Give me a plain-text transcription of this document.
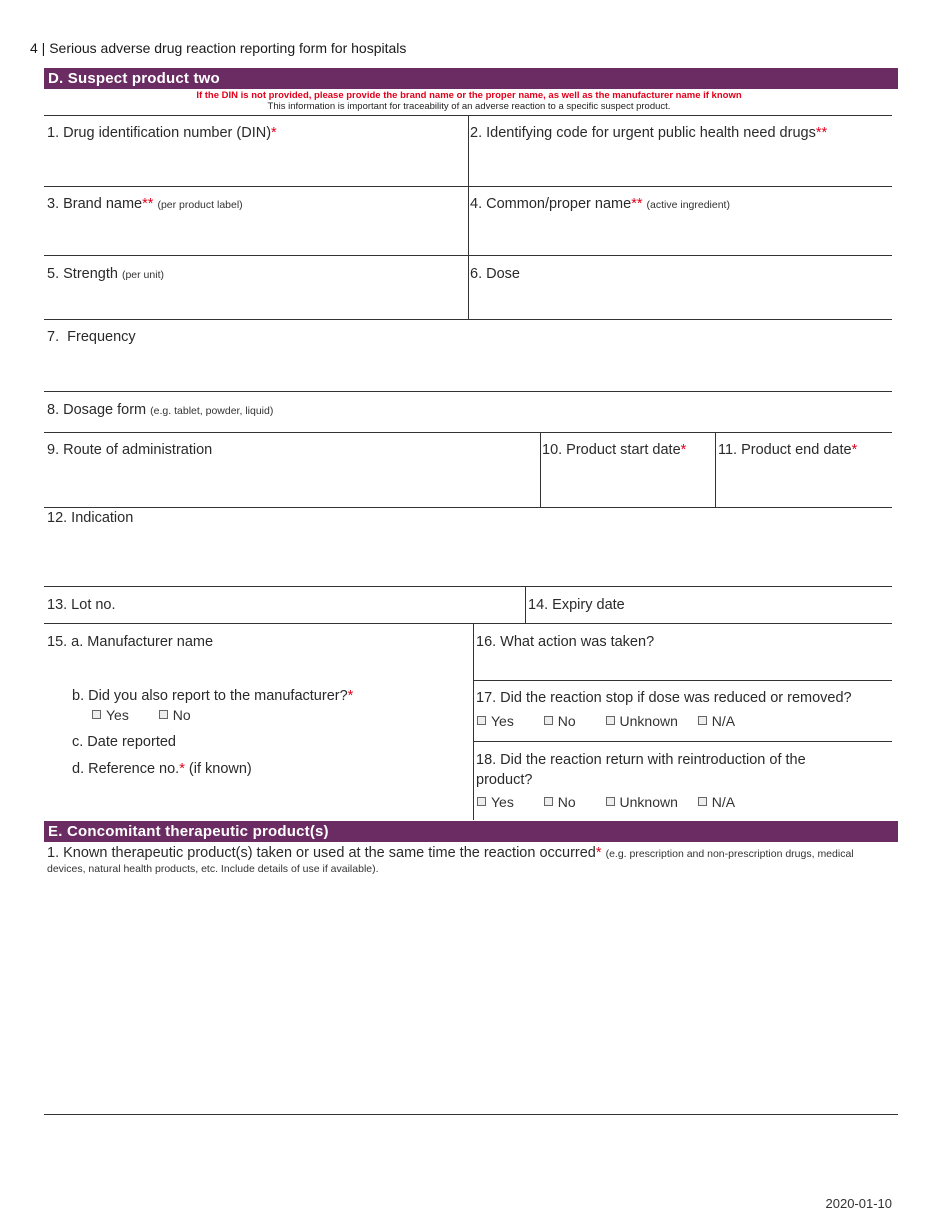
4 | Serious adverse drug reaction reporting form for hospitals
D. Suspect product two
If the DIN is not provided, please provide the brand name or the proper name, as well as the manufacturer name if known
This information is important for traceability of an adverse reaction to a specific suspect product.
1. Drug identification number (DIN)*	2. Identifying code for urgent public health need drugs**
3. Brand name** (per product label)	4. Common/proper name** (active ingredient)
5. Strength (per unit)	6. Dose
7.  Frequency
8. Dosage form (e.g. tablet, powder, liquid)
9. Route of administration	10. Product start date* 11. Product end date*
12. Indication
13. Lot no.	14. Expiry date
15. a. Manufacturer name
b. Did you also report to the manufacturer?*
Yes
	No
c. Date reported
d. Reference no.* (if known)
16. What action was taken?
17. Did the reaction stop if dose was reduced or removed?
Yes
	No
	Unknown
N/A
18. Did the reaction return with reintroduction of the
product?
Yes
	No
	Unknown
N/A
E. Concomitant therapeutic product(s)
1. Known therapeutic product(s) taken or used at the same time the reaction occurred* (e.g. prescription and non-prescription drugs, medical devices, natural health products, etc. Include details of use if available).
2020-01-10
